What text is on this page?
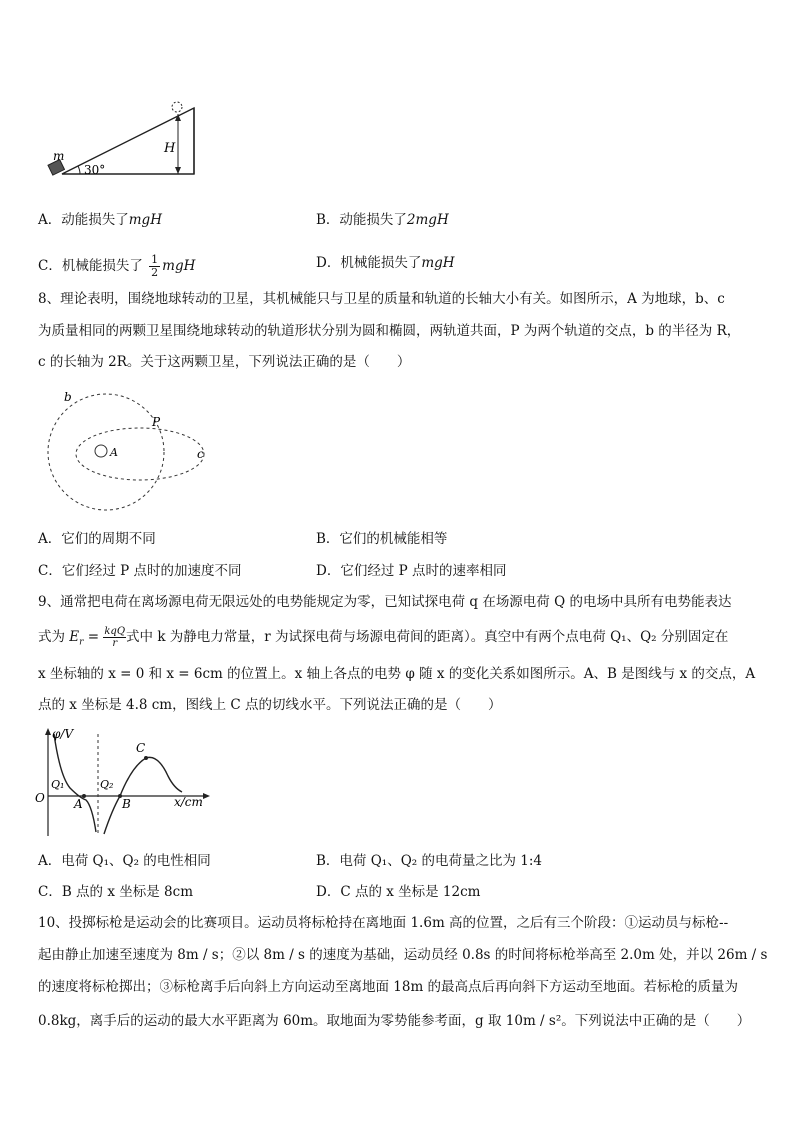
m
30°
H
A．动能损失了mgH	B．动能损失了2mgH
C．机械能损失了 $\frac{1}{2}$ mgH	D．机械能损失了mgH
8、理论表明，围绕地球转动的卫星，其机械能只与卫星的质量和轨道的长轴大小有关。如图所示，A 为地球，b、c
为质量相同的两颗卫星围绕地球转动的轨道形状分别为圆和椭圆，两轨道共面，P 为两个轨道的交点，b 的半径为 R，
c 的长轴为 2R。关于这两颗卫星，下列说法正确的是（　　）
b
P
A	c
A．它们的周期不同	B．它们的机械能相等
C．它们经过 P 点时的加速度不同	D．它们经过 P 点时的速率相同
9、通常把电荷在离场源电荷无限远处的电势能规定为零，已知试探电荷 q 在场源电荷 Q 的电场中具所有电势能表达
式为 $E_r$ = kqQ
r 式中 k 为静电力常量，r 为试探电荷与场源电荷间的距离）。真空中有两个点电荷 Q₁、Q₂ 分别固定在
x 坐标轴的 x = 0 和 x = 6cm 的位置上。x 轴上各点的电势 φ 随 x 的变化关系如图所示。A、B 是图线与 x 的交点，A
点的 x 坐标是 4.8 cm，图线上 C 点的切线水平。下列说法正确的是（　　）
φ/V
x/cm
O
Q₁	Q₂
A	B
C
A．电荷 Q₁、Q₂ 的电性相同	B．电荷 Q₁、Q₂ 的电荷量之比为 1:4
C．B 点的 x 坐标是 8cm	D．C 点的 x 坐标是 12cm
10、投掷标枪是运动会的比赛项目。运动员将标枪持在离地面 1.6m 高的位置，之后有三个阶段：①运动员与标枪--
起由静止加速至速度为 8m / s；②以 8m / s 的速度为基础，运动员经 0.8s 的时间将标枪举高至 2.0m 处，并以 26m / s
的速度将标枪掷出；③标枪离手后向斜上方向运动至离地面 18m 的最高点后再向斜下方运动至地面。若标枪的质量为
0.8kg，离手后的运动的最大水平距离为 60m。取地面为零势能参考面，g 取 10m / s²。下列说法中正确的是（　　）
